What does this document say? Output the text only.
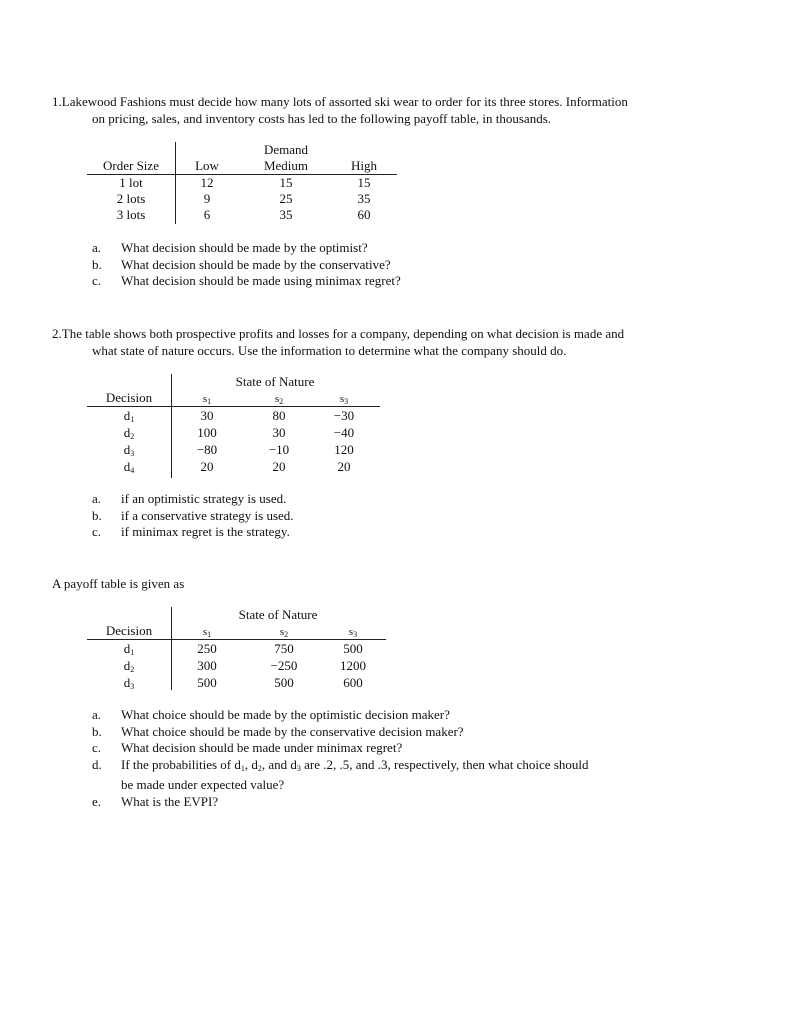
1.Lakewood Fashions must decide how many lots of assorted ski wear to order for its three stores. Information
on pricing, sales, and inventory costs has led to the following payoff table, in thousands.
Demand
Order Size	Low	Medium	High
1 lot	12	15	15
2 lots	9	25	35
3 lots	6	35	60
a.	What decision should be made by the optimist?
b.	What decision should be made by the conservative?
c.	What decision should be made using minimax regret?
2.The table shows both prospective profits and losses for a company, depending on what decision is made and
what state of nature occurs. Use the information to determine what the company should do.
State of Nature
Decision	s1	s2	s3
d1	30	80	−30
d2	100	30	−40
d3	−80	−10	120
d4	20	20	20
a.	if an optimistic strategy is used.
b.	if a conservative strategy is used.
c.	if minimax regret is the strategy.
A payoff table is given as
State of Nature
Decision	s1	s2	s3
d1	250	750	500
d2	300	−250	1200
d3	500	500	600
a.	What choice should be made by the optimistic decision maker?
b.	What choice should be made by the conservative decision maker?
c.	What decision should be made under minimax regret?
d.	If the probabilities of d1, d2, and d3 are .2, .5, and .3, respectively, then what choice should
be made under expected value?
e.	What is the EVPI?
